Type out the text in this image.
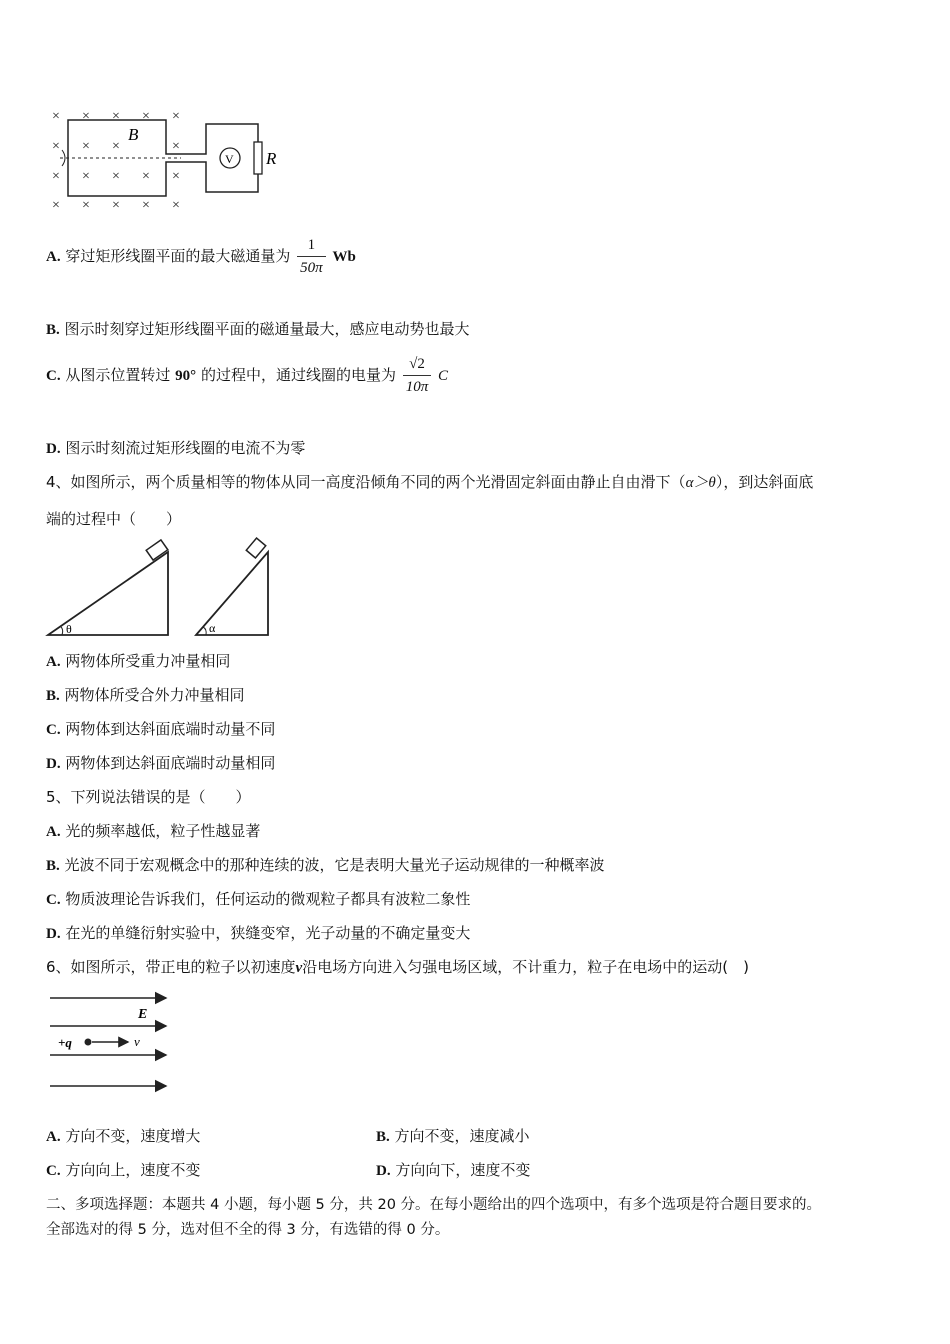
× × × × ×
× × ×	×
× × × ×
×
× × × × ×
B
V R
A. 穿过矩形线圈平面的最大磁通量为 $\frac{1}{50\pi}$ Wb
B. 图示时刻穿过矩形线圈平面的磁通量最大，感应电动势也最大
C. 从图示位置转过 90° 的过程中，通过线圈的电量为 $\frac{√2}{10\pi}$ C
D. 图示时刻流过矩形线圈的电流不为零
4、如图所示，两个质量相等的物体从同一高度沿倾角不同的两个光滑固定斜面由静止自由滑下（α＞θ），到达斜面底
端的过程中（　　）
θ	α
A. 两物体所受重力冲量相同
B. 两物体所受合外力冲量相同
C. 两物体到达斜面底端时动量不同
D. 两物体到达斜面底端时动量相同
5、下列说法错误的是（　　）
A. 光的频率越低，粒子性越显著
B. 光波不同于宏观概念中的那种连续的波，它是表明大量光子运动规律的一种概率波
C. 物质波理论告诉我们，任何运动的微观粒子都具有波粒二象性
D. 在光的单缝衍射实验中，狭缝变窄，光子动量的不确定量变大
6、如图所示，带正电的粒子以初速度v沿电场方向进入匀强电场区域，不计重力，粒子在电场中的运动(　)
E
+q	v
A. 方向不变，速度增大	B. 方向不变，速度减小
C. 方向向上，速度不变	D. 方向向下，速度不变
二、多项选择题：本题共 4 小题，每小题 5 分，共 20 分。在每小题给出的四个选项中，有多个选项是符合题目要求的。
全部选对的得 5 分，选对但不全的得 3 分，有选错的得 0 分。
